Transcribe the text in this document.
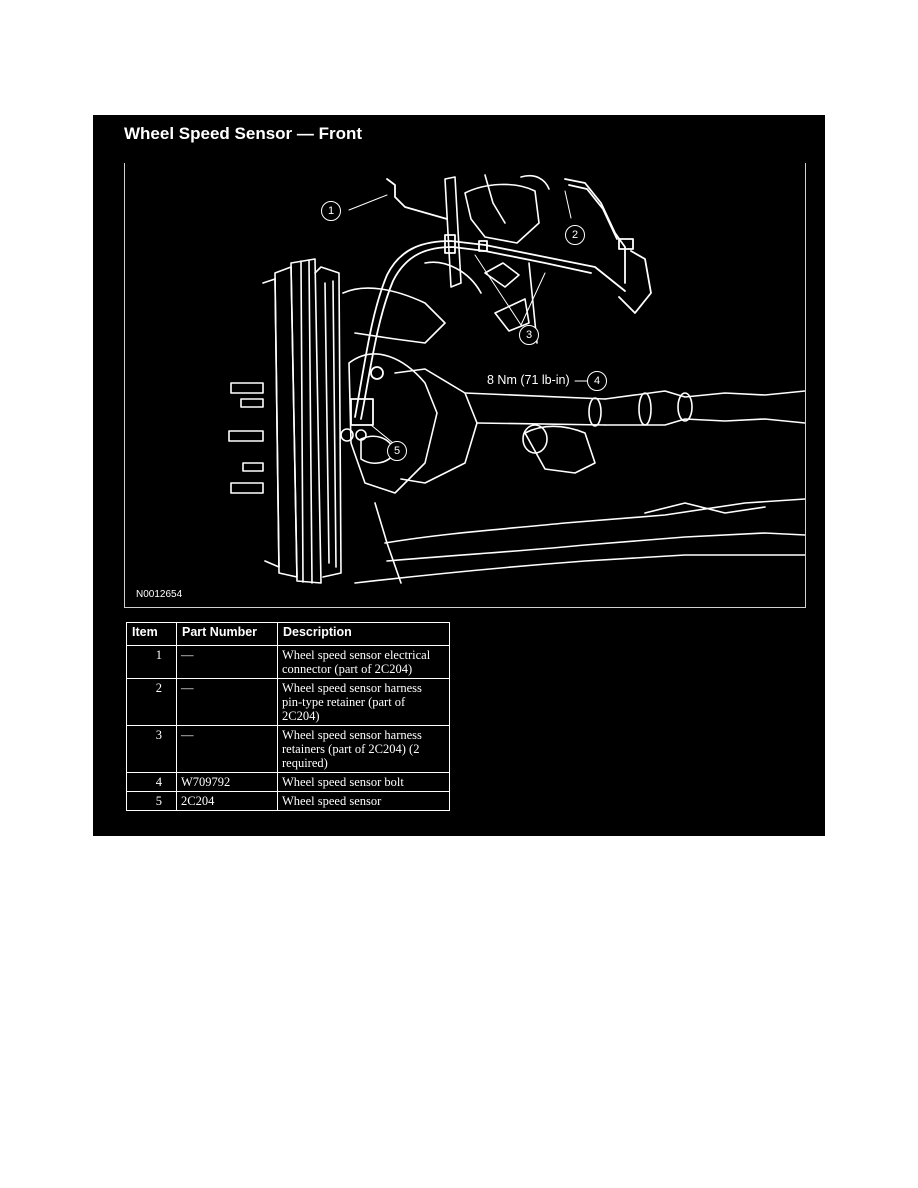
Wheel Speed Sensor — Front
1
2
3
4
5
8 Nm (71 lb-in)
N0012654
Item	Part Number	Description
1	—	Wheel speed sensor electrical connector (part of 2C204)
2	—	Wheel speed sensor harness pin-type retainer (part of 2C204)
3	—	Wheel speed sensor harness retainers (part of 2C204) (2 required)
4	W709792	Wheel speed sensor bolt
5	2C204	Wheel speed sensor
